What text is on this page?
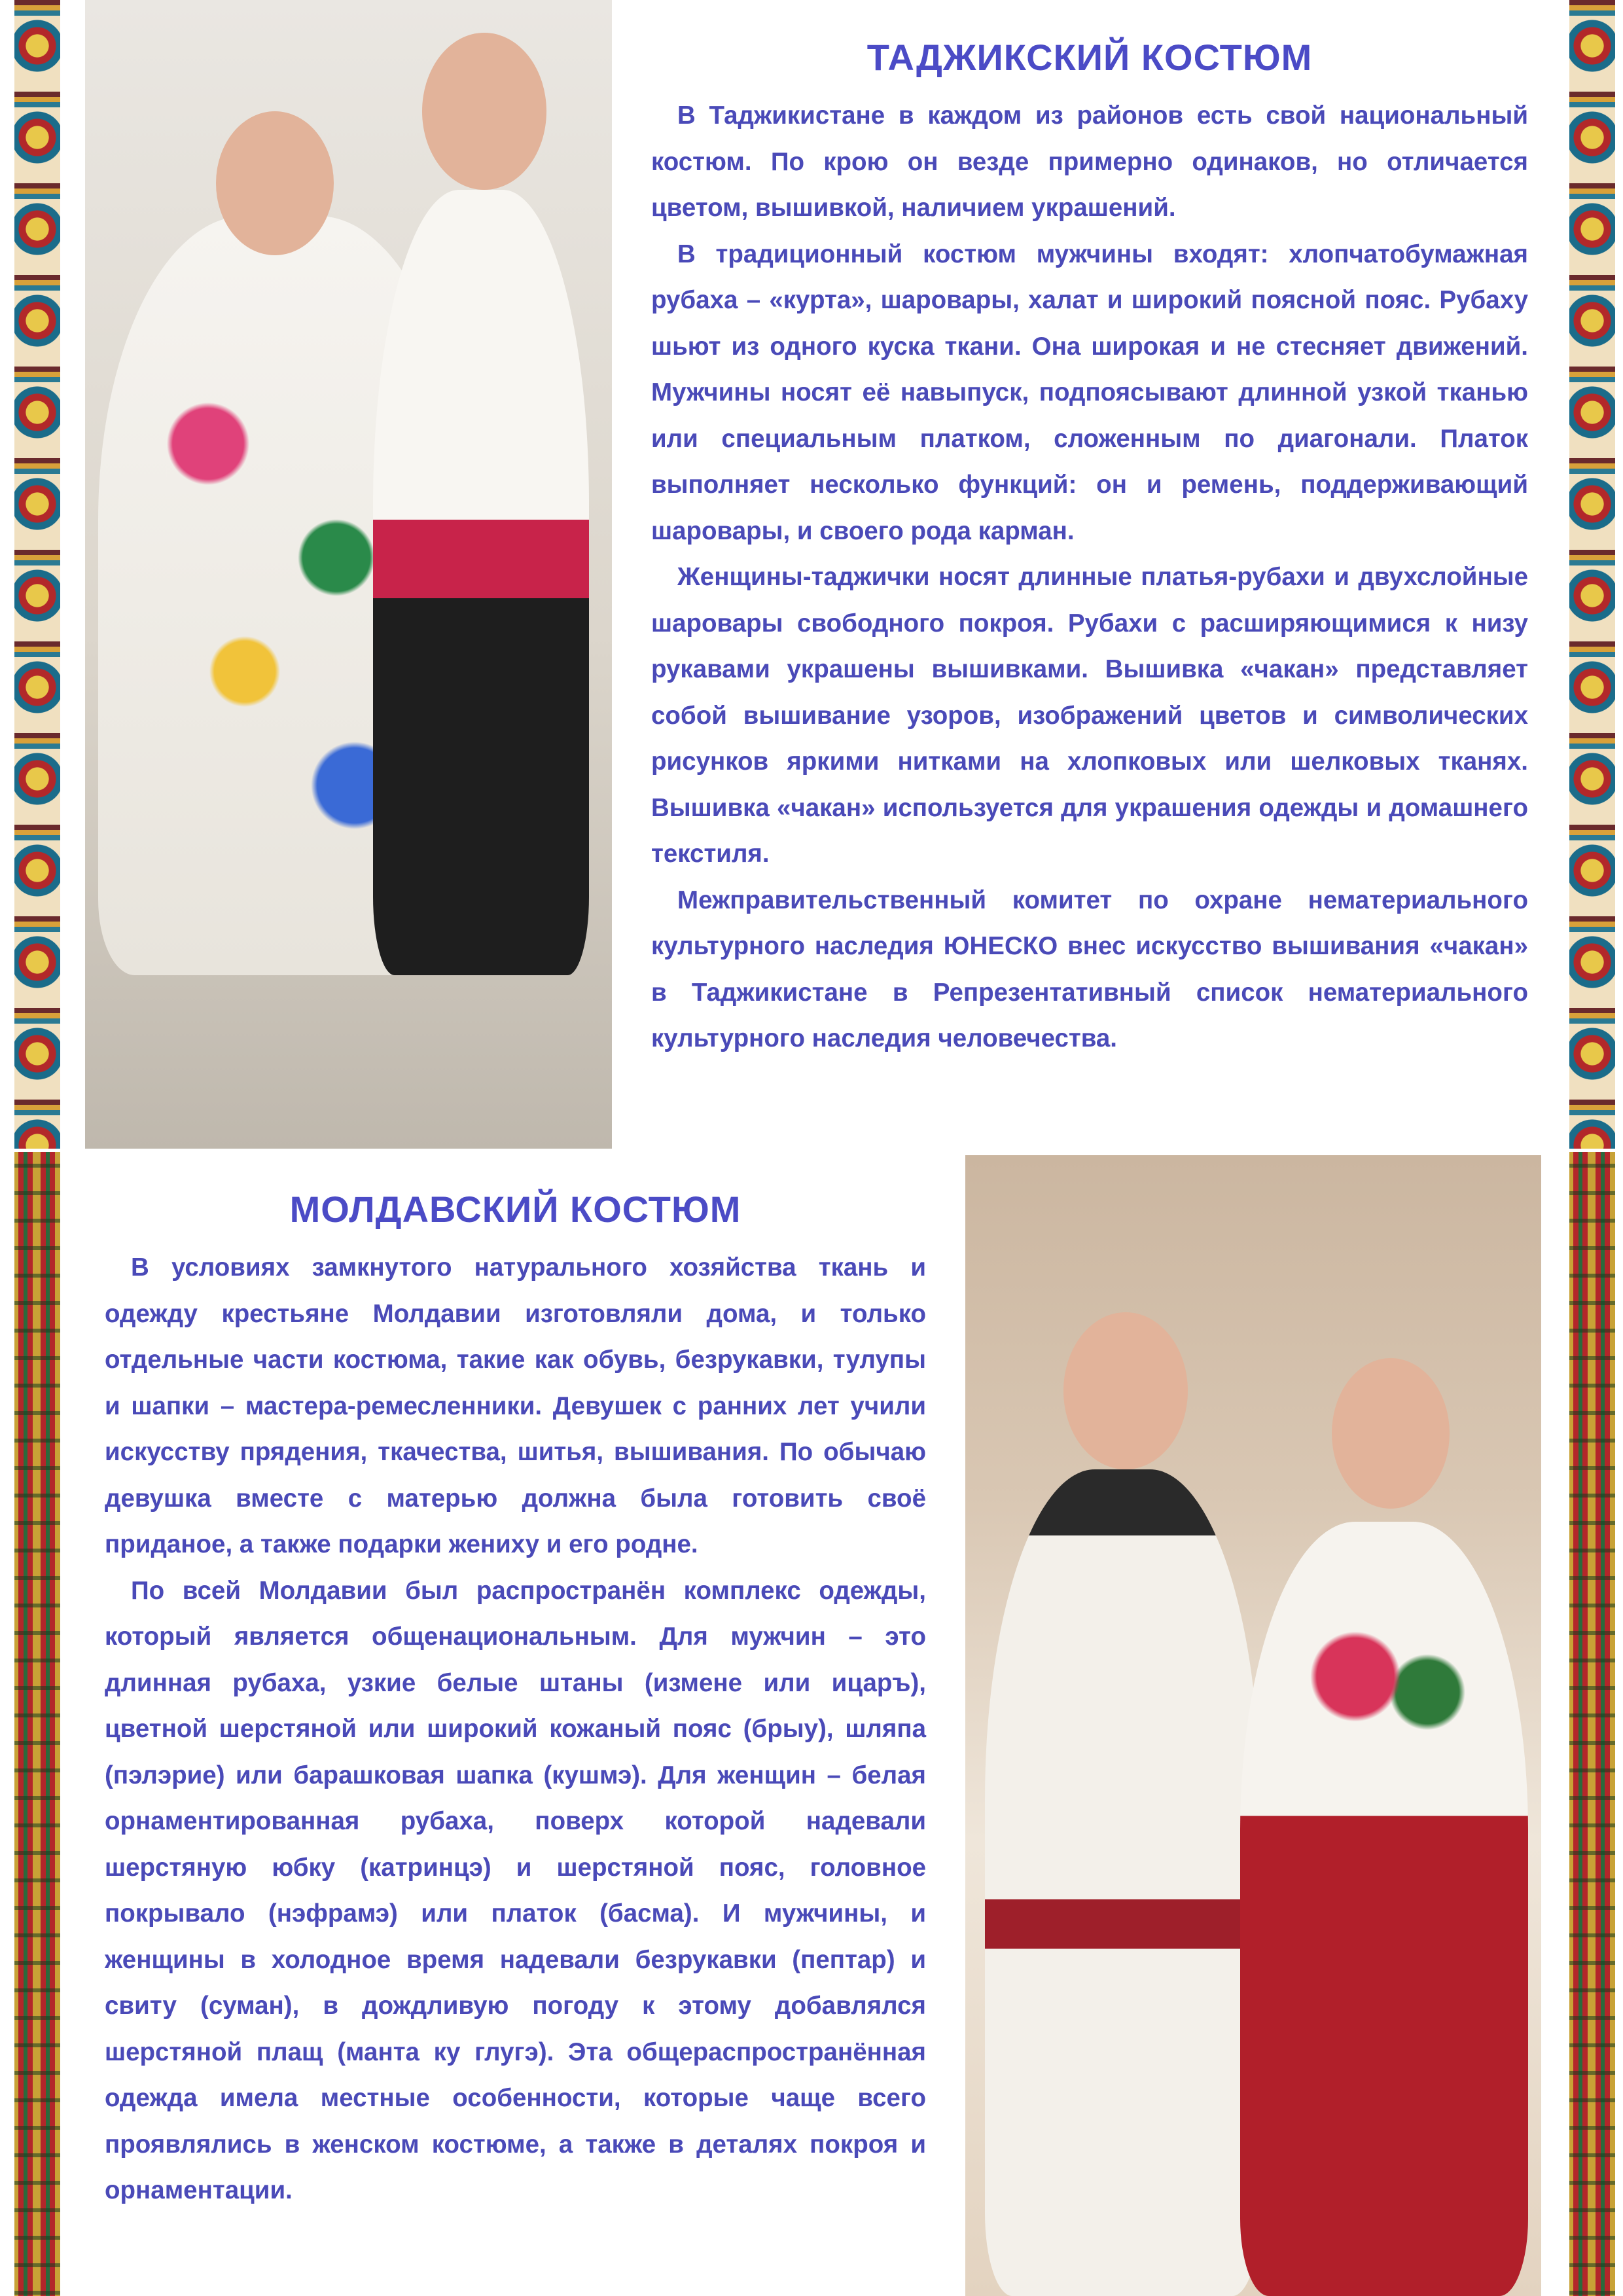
ТАДЖИКСКИЙ КОСТЮМ

В Таджикистане в каждом из районов есть свой национальный костюм. По крою он везде примерно одинаков, но отличается цветом, вышивкой, наличием украшений.

В традиционный костюм мужчины входят: хлопчатобумажная рубаха – «курта», шаровары, халат и широкий поясной пояс. Рубаху шьют из одного куска ткани. Она широкая и не стесняет движений. Мужчины носят её навыпуск, подпоясывают длинной узкой тканью или специальным платком, сложенным по диагонали. Платок выполняет несколько функций: он и ремень, поддерживающий шаровары, и своего рода карман.

Женщины-таджички носят длинные платья-рубахи и двухслойные шаровары свободного покроя. Рубахи с расширяющимися к низу рукавами украшены вышивками. Вышивка «чакан» представляет собой вышивание узоров, изображений цветов и символических рисунков яркими нитками на хлопковых или шелковых тканях. Вышивка «чакан» используется для украшения одежды и домашнего текстиля.

Межправительственный комитет по охране нематериального культурного наследия ЮНЕСКО внес искусство вышивания «чакан» в Таджикистане в Репрезентативный список нематериального культурного наследия человечества.

МОЛДАВСКИЙ КОСТЮМ

В условиях замкнутого натурального хозяйства ткань и одежду крестьяне Молдавии изготовляли дома, и только отдельные части костюма, такие как обувь, безрукавки, тулупы и шапки – мастера-ремесленники. Девушек с ранних лет учили искусству прядения, ткачества, шитья, вышивания. По обычаю девушка вместе с матерью должна была готовить своё приданое, а также подарки жениху и его родне.

По всей Молдавии был распространён комплекс одежды, который является общенациональным. Для мужчин – это длинная рубаха, узкие белые штаны (измене или ицаръ), цветной шерстяной или широкий кожаный пояс (брыу), шляпа (пэлэрие) или барашковая шапка (кушмэ). Для женщин – белая орнаментированная рубаха, поверх которой надевали шерстяную юбку (катринцэ) и шерстяной пояс, головное покрывало (нэфрамэ) или платок (басма). И мужчины, и женщины в холодное время надевали безрукавки (пептар) и свиту (суман), в дождливую погоду к этому добавлялся шерстяной плащ (манта ку глугэ). Эта общераспространённая одежда имела местные особенности, которые чаще всего проявлялись в женском костюме, а также в деталях покроя и орнаментации.
